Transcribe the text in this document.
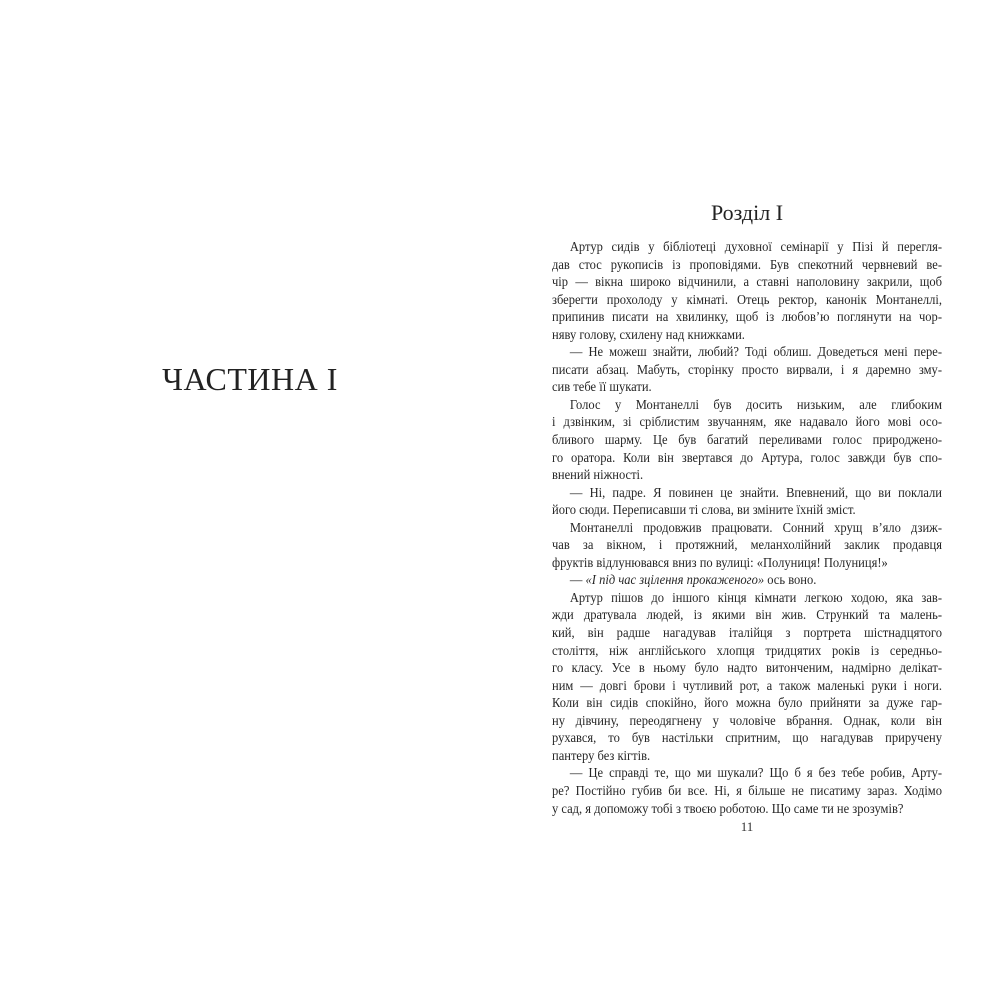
ЧАСТИНА I
Розділ I
Артур сидів у бібліотеці духовної семінарії у Пізі й перегля-
дав стос рукописів із проповідями. Був спекотний червневий ве-
чір — вікна широко відчинили, а ставні наполовину закрили, щоб
зберегти прохолоду у кімнаті. Отець ректор, канонік Монтанеллі,
припинив писати на хвилинку, щоб із любов’ю поглянути на чор-
няву голову, схилену над книжками.
— Не можеш знайти, любий? Тоді облиш. Доведеться мені пере-
писати абзац. Мабуть, сторінку просто вирвали, і я даремно зму-
сив тебе її шукати.
Голос у Монтанеллі був досить низьким, але глибоким
і дзвінким, зі сріблистим звучанням, яке надавало його мові осо-
бливого шарму. Це був багатий переливами голос природжено-
го оратора. Коли він звертався до Артура, голос завжди був спо-
внений ніжності.
— Ні, падре. Я повинен це знайти. Впевнений, що ви поклали
його сюди. Переписавши ті слова, ви зміните їхній зміст.
Монтанеллі продовжив працювати. Сонний хрущ в’яло дзиж-
чав за вікном, і протяжний, меланхолійний заклик продавця
фруктів відлунювався вниз по вулиці: «Полуниця! Полуниця!»
— «І під час зцілення прокаженого» ось воно.
Артур пішов до іншого кінця кімнати легкою ходою, яка зав-
жди дратувала людей, із якими він жив. Стрункий та малень-
кий, він радше нагадував італійця з портрета шістнадцятого
століття, ніж англійського хлопця тридцятих років із середньо-
го класу. Усе в ньому було надто витонченим, надмірно делікат-
ним — довгі брови і чутливий рот, а також маленькі руки і ноги.
Коли він сидів спокійно, його можна було прийняти за дуже гар-
ну дівчину, переодягнену у чоловіче вбрання. Однак, коли він
рухався, то був настільки спритним, що нагадував приручену
пантеру без кігтів.
— Це справді те, що ми шукали? Що б я без тебе робив, Арту-
ре? Постійно губив би все. Ні, я більше не писатиму зараз. Ходімо
у сад, я допоможу тобі з твоєю роботою. Що саме ти не зрозумів?
11
